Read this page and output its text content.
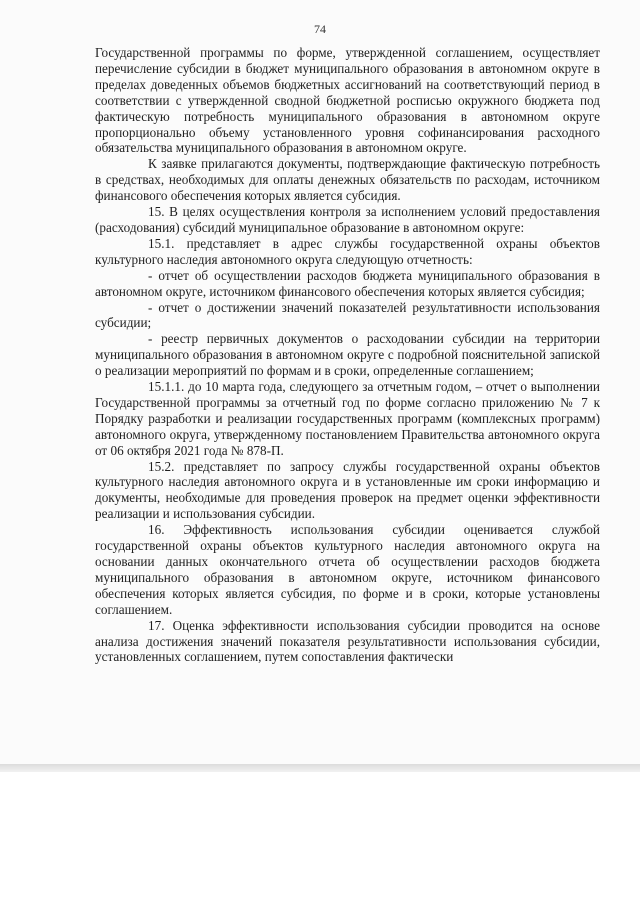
74

Государственной программы по форме, утвержденной соглашением, осуществляет перечисление субсидии в бюджет муниципального образования в автономном округе в пределах доведенных объемов бюджетных ассигнований на соответствующий период в соответствии с утвержденной сводной бюджетной росписью окружного бюджета под фактическую потребность муниципального образования в автономном округе пропорционально объему установленного уровня софинансирования расходного обязательства муниципального образования в автономном округе.

К заявке прилагаются документы, подтверждающие фактическую потребность в средствах, необходимых для оплаты денежных обязательств по расходам, источником финансового обеспечения которых является субсидия.

15. В целях осуществления контроля за исполнением условий предоставления (расходования) субсидий муниципальное образование в автономном округе:

15.1. представляет в адрес службы государственной охраны объектов культурного наследия автономного округа следующую отчетность:

- отчет об осуществлении расходов бюджета муниципального образования в автономном округе, источником финансового обеспечения которых является субсидия;

- отчет о достижении значений показателей результативности использования субсидии;

- реестр первичных документов о расходовании субсидии на территории муниципального образования в автономном округе с подробной пояснительной запиской о реализации мероприятий по формам и в сроки, определенные соглашением;

15.1.1. до 10 марта года, следующего за отчетным годом, – отчет о выполнении Государственной программы за отчетный год по форме согласно приложению № 7 к Порядку разработки и реализации государственных программ (комплексных программ) автономного округа, утвержденному постановлением Правительства автономного округа от 06 октября 2021 года № 878-П.

15.2. представляет по запросу службы государственной охраны объектов культурного наследия автономного округа и в установленные им сроки информацию и документы, необходимые для проведения проверок на предмет оценки эффективности реализации и использования субсидии.

16. Эффективность использования субсидии оценивается службой государственной охраны объектов культурного наследия автономного округа на основании данных окончательного отчета об осуществлении расходов бюджета муниципального образования в автономном округе, источником финансового обеспечения которых является субсидия, по форме и в сроки, которые установлены соглашением.

17. Оценка эффективности использования субсидии проводится на основе анализа достижения значений показателя результативности использования субсидии, установленных соглашением, путем сопоставления фактически
